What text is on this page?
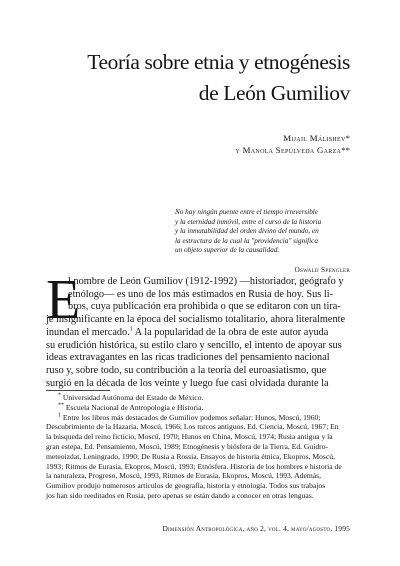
Teoría sobre etnia y etnogénesis
de León Gumiliov
Mijail Málishev*
y Manola Sepúlveda Garza**
No hay ningún puente entre el tiempo irreversible
y la eternidad inmóvil, entre el curso de la historia
y la inmutabilidad del orden divino del mundo, en
la estructura de la cual la "providencia" significa
un objeto superior de la causalidad.
Oswald Spengler
E
l nombre de León Gumiliov (1912-1992) —historiador, geógrafo y
etnólogo— es uno de los más estimados en Rusia de hoy. Sus li-
bros, cuya publicación era prohibida o que se editaron con un tira-
je insignificante en la época del socialismo totalitario, ahora literalmente
inundan el mercado.$^1$ A la popularidad de la obra de este autor ayuda
su erudición histórica, su estilo claro y sencillo, el intento de apoyar sus
ideas extravagantes en las ricas tradiciones del pensamiento nacional
ruso y, sobre todo, su contribución a la teoría del euroasiatismo, que
surgió en la década de los veinte y luego fue casi olvidada durante la
* Universidad Autónoma del Estado de México.
** Escuela Nacional de Antropología e Historia.
$^1$ Entre los libros más destacados de Gumiliov podemos señalar: Hunos, Moscú, 1960;
Descubrimiento de la Hazaria, Moscú, 1966; Los turcos antiguos, Ed. Ciencia, Moscú, 1967; En
la búsqueda del reino ficticio, Moscú, 1970; Hunos en China, Moscú, 1974; Rusia antigua y la
gran estepa, Ed. Pensamiento, Moscú, 1989; Etnogénesis y biósfera de la Tierra, Ed. Guidro-
meteoizdat, Leningrado, 1990; De Rusia a Rossia. Ensayos de historia étnica, Ekopros, Moscú,
1993; Ritmos de Eurasia, Ekopros, Moscú, 1993; Etnósfera. Historia de los hombres e historia de
la naturaleza, Progreso, Moscú, 1993, Ritmos de Eurasia, Ekopros, Moscú, 1993. Además,
Gumiliov produjo numerosos artículos de geografía, historia y etnología. Todos sus trabajos
jos han sido reeditados en Rusia, pero apenas se están dando a conocer en otras lenguas.
Dimensión Antropológica, año 2, vol. 4, mayo/agosto, 1995
